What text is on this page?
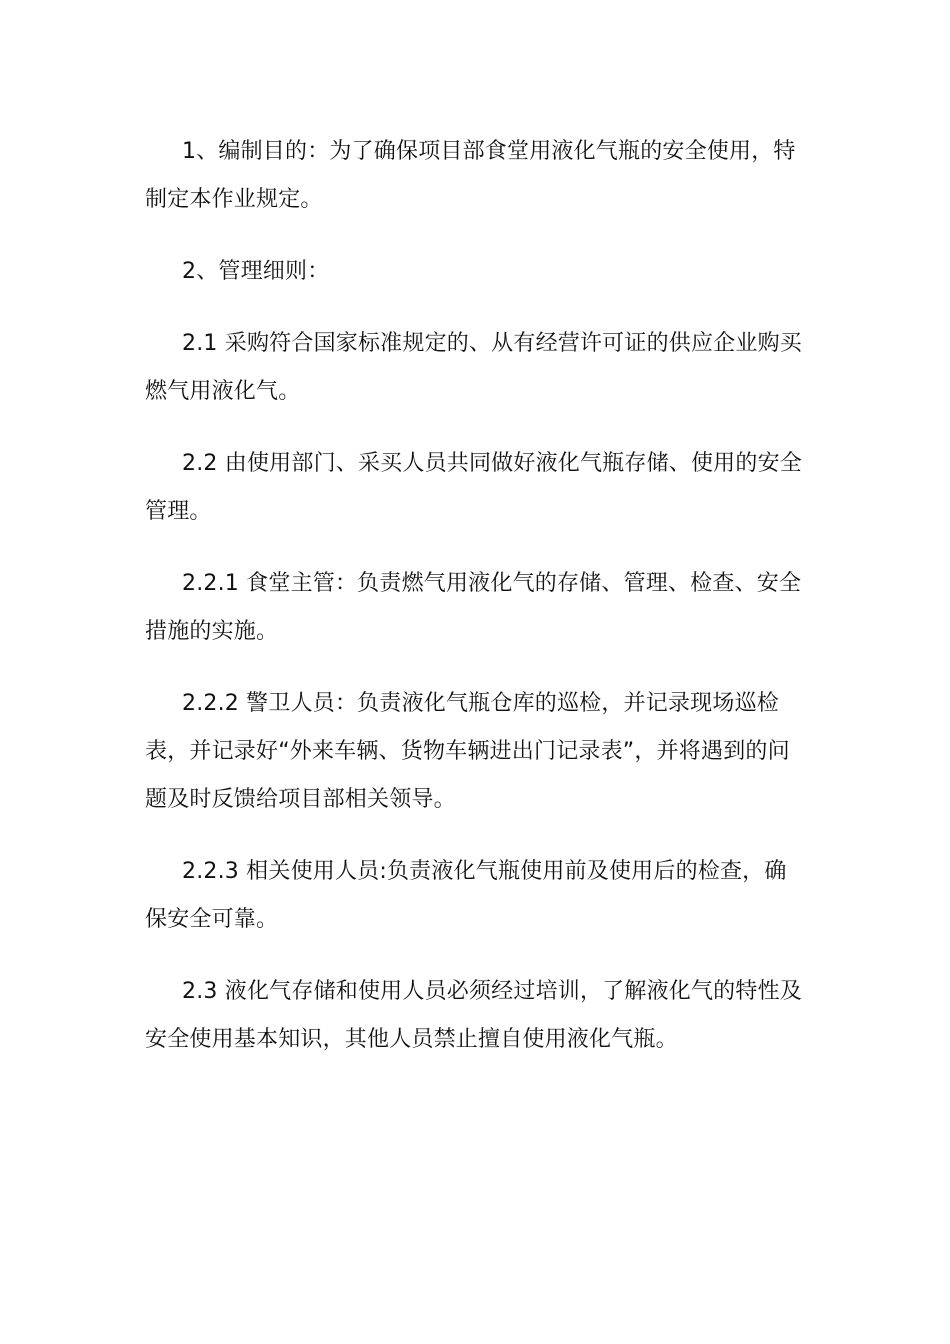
1、编制目的：为了确保项目部食堂用液化气瓶的安全使用，特制定本作业规定。

2、管理细则：

2.1 采购符合国家标准规定的、从有经营许可证的供应企业购买燃气用液化气。

2.2 由使用部门、采买人员共同做好液化气瓶存储、使用的安全管理。

2.2.1 食堂主管：负责燃气用液化气的存储、管理、检查、安全措施的实施。

2.2.2 警卫人员：负责液化气瓶仓库的巡检，并记录现场巡检表，并记录好“外来车辆、货物车辆进出门记录表”，并将遇到的问题及时反馈给项目部相关领导。

2.2.3 相关使用人员:负责液化气瓶使用前及使用后的检查，确保安全可靠。

2.3 液化气存储和使用人员必须经过培训，了解液化气的特性及安全使用基本知识，其他人员禁止擅自使用液化气瓶。
